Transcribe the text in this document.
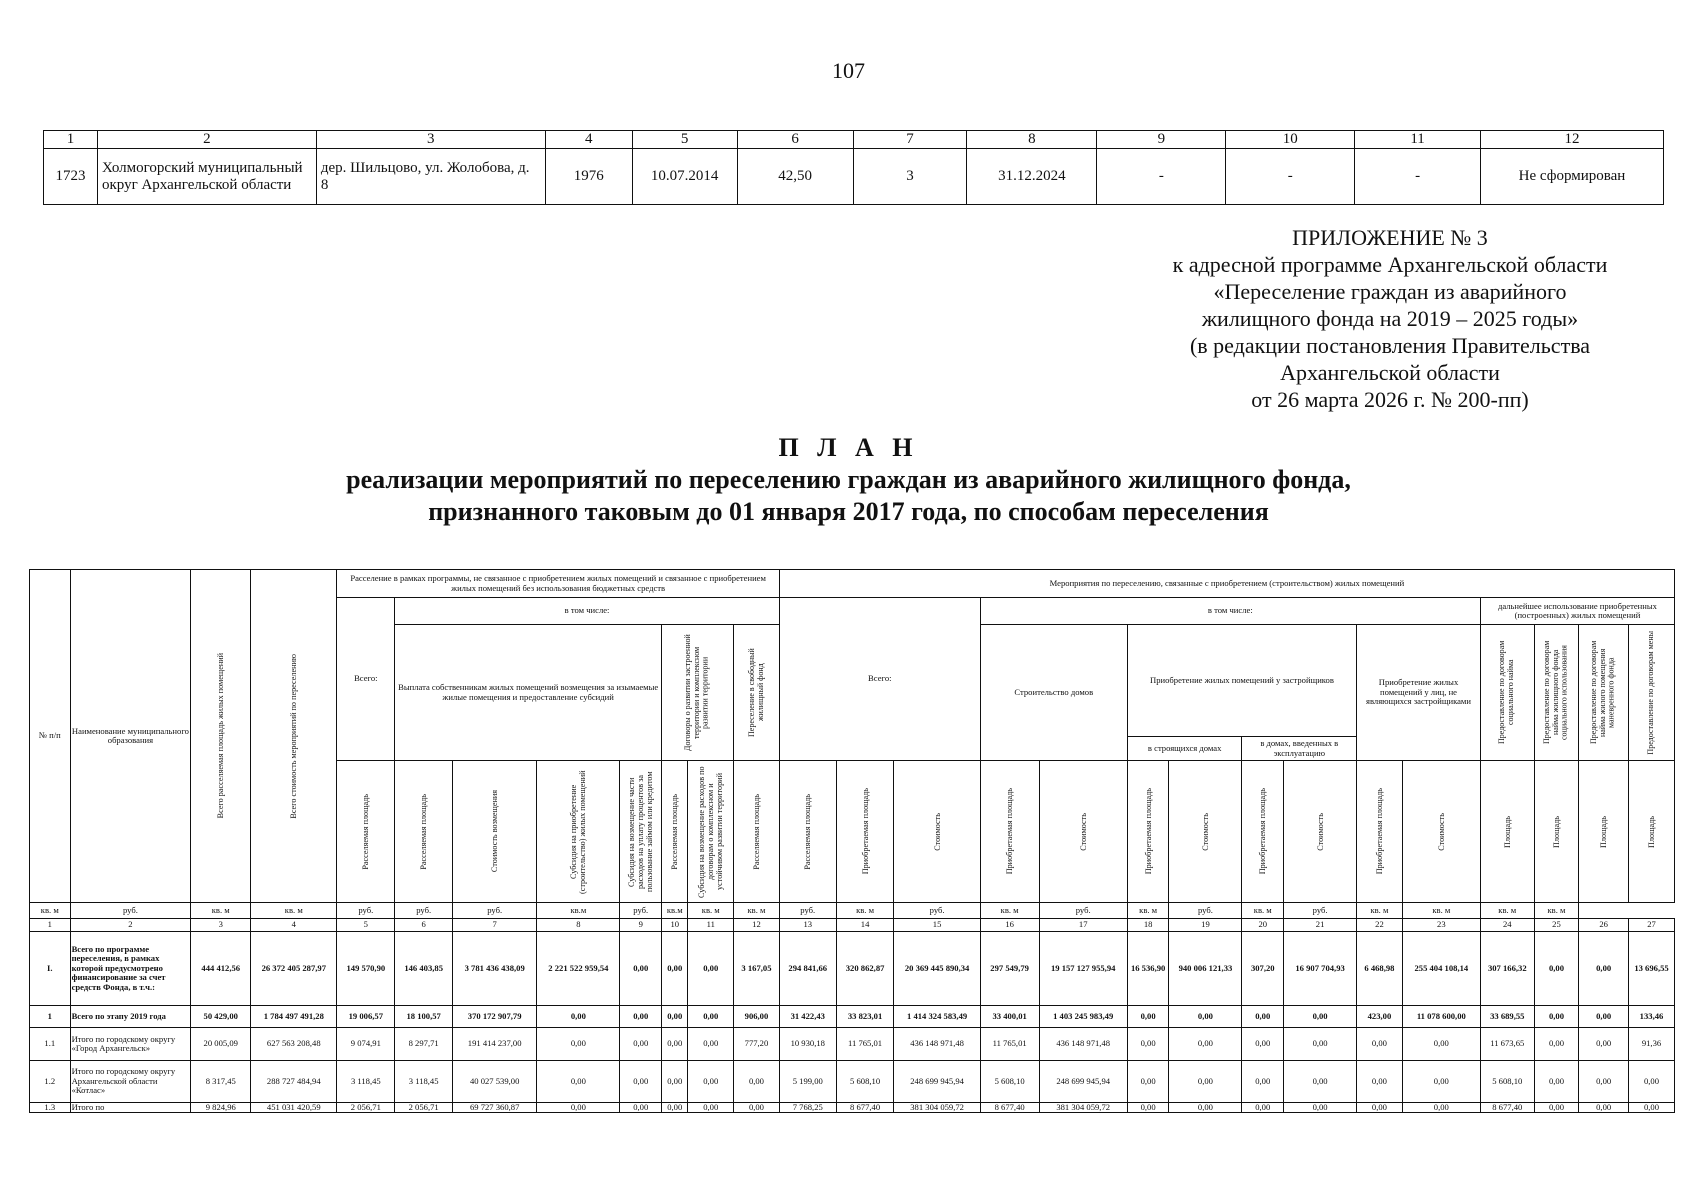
107
1	2	3	4	5	6	7	8	9	10	11	12
1723	Холмогорский муниципальный округ Архангельской области	дер. Шильцово, ул. Жолобова, д. 8	1976	10.07.2014	42,50	3	31.12.2024	-	-	-	Не сформирован
ПРИЛОЖЕНИЕ № 3
к адресной программе Архангельской области
«Переселение граждан из аварийного
жилищного фонда на 2019 – 2025 годы»
(в редакции постановления Правительства
Архангельской области
от 26 марта 2026 г. № 200-пп)
П Л А Н
реализации мероприятий по переселению граждан из аварийного жилищного фонда,
признанного таковым до 01 января 2017 года, по способам переселения
№ п/п	Наименование муниципального образования	Всего расселяемая площадь жилых помещений	Всего стоимость мероприятий по переселению	Расселение в рамках программы, не связанное с приобретением жилых помещений и связанное с приобретением жилых помещений без использования бюджетных средств								Мероприятия по переселению, связанные с приобретением (строительством) жилых помещений														
				Всего:	в том числе:							Всего:			в том числе:								дальнейшее использование приобретенных (построенных) жилых помещений			
					Выплата собственникам жилых помещений возмещения за изымаемые жилые помещения и предоставление субсидий				Договоры о развитии застроенной территории и комплексном развитии территории		Переселение в свободный жилищный фонд				Строительство домов		Приобретение жилых помещений у застройщиков				Приобретение жилых помещений у лиц, не являющихся застройщиками		Предоставление по договорам социального найма	Предоставление по договорам найма жилищного фонда социального использования	Предоставление по договорам найма жилого помещения маневренного фонда	Предоставление по договорам мены

																	в строящихся домах		в домах, введенных в эксплуатацию							

				Расселяемая площадь	Расселяемая площадь	Стоимость возмещения	Субсидия на приобретение (строительство) жилых помещений	Субсидия на возмещение части расходов на уплату процентов за пользование займом или кредитом	Расселяемая площадь	Субсидия на возмещение расходов по договорам о комплексном и устойчивом развитии территорий	Расселяемая площадь	Расселяемая площадь	Приобретаемая площадь	Стоимость	Приобретаемая площадь	Стоимость	Приобретаемая площадь	Стоимость	Приобретаемая площадь	Стоимость	Приобретаемая площадь	Стоимость	Площадь	Площадь	Площадь	Площадь

кв. м	руб.	кв. м	кв. м	руб.	руб.	руб.	кв.м	руб.	кв.м	кв. м	кв. м	руб.	кв. м	руб.	кв. м	руб.	кв. м	руб.	кв. м	руб.	кв. м	кв. м	кв. м	кв. м		
1	2	3	4	5	6	7	8	9	10	11	12	13	14	15	16	17	18	19	20	21	22	23	24	25	26	27
I.	Всего по программе переселения, в рамках которой предусмотрено финансирование за счет средств Фонда, в т.ч.:	444 412,56	26 372 405 287,97	149 570,90	146 403,85	3 781 436 438,09	2 221 522 959,54	0,00	0,00	0,00	3 167,05	294 841,66	320 862,87	20 369 445 890,34	297 549,79	19 157 127 955,94	16 536,90	940 006 121,33	307,20	16 907 704,93	6 468,98	255 404 108,14	307 166,32	0,00	0,00	13 696,55
1	Всего по этапу 2019 года	50 429,00	1 784 497 491,28	19 006,57	18 100,57	370 172 907,79	0,00	0,00	0,00	0,00	906,00	31 422,43	33 823,01	1 414 324 583,49	33 400,01	1 403 245 983,49	0,00	0,00	0,00	0,00	423,00	11 078 600,00	33 689,55	0,00	0,00	133,46
1.1	Итого по городскому округу «Город Архангельск»	20 005,09	627 563 208,48	9 074,91	8 297,71	191 414 237,00	0,00	0,00	0,00	0,00	777,20	10 930,18	11 765,01	436 148 971,48	11 765,01	436 148 971,48	0,00	0,00	0,00	0,00	0,00	0,00	11 673,65	0,00	0,00	91,36
1.2	Итого по городскому округу Архангельской области «Котлас»	8 317,45	288 727 484,94	3 118,45	3 118,45	40 027 539,00	0,00	0,00	0,00	0,00	0,00	5 199,00	5 608,10	248 699 945,94	5 608,10	248 699 945,94	0,00	0,00	0,00	0,00	0,00	0,00	5 608,10	0,00	0,00	0,00
1.3	Итого по	9 824,96	451 031 420,59	2 056,71	2 056,71	69 727 360,87	0,00	0,00	0,00	0,00	0,00	7 768,25	8 677,40	381 304 059,72	8 677,40	381 304 059,72	0,00	0,00	0,00	0,00	0,00	0,00	8 677,40	0,00	0,00	0,00
